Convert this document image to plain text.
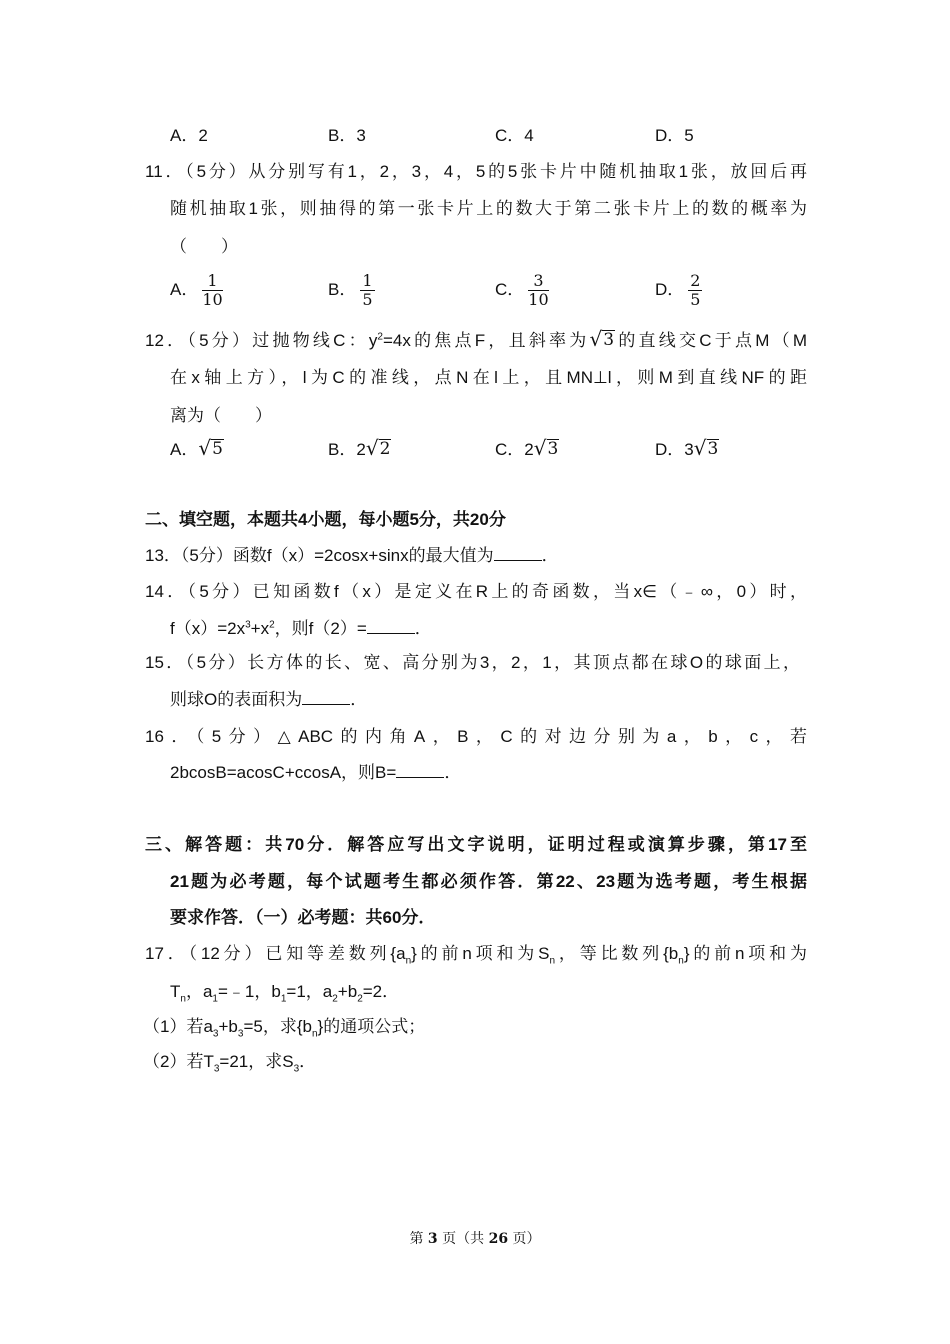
A．2	B．3	C．4	D．5
11．（5分）从分别写有1，2，3，4，5的5张卡片中随机抽取1张，放回后再
随机抽取1张，则抽得的第一张卡片上的数大于第二张卡片上的数的概率为
（　　）
A． $\frac{1}{10}$	B． $\frac{1}{5}$	C． $\frac{3}{10}$	D． $\frac{2}{5}$
12．（5分）过抛物线C：$y^2=4x$的焦点F，且斜率为 √ 3 的直线交C于点M（M
在x轴上方），l为C的准线，点N在l上，且MN⊥l，则M到直线NF的距
离为（　　）
A． √ 5	B．2 √ 2	C．2 √ 3	D．3 √ 3
二、填空题，本题共4小题，每小题5分，共20分
13．（5分）函数f（x）=2cosx+sinx的最大值为	．
14．（5分）已知函数f（x）是定义在R上的奇函数，当x∈（﹣∞，0）时，
$f(x)=2x^3+x^2$，则f（2）=	．
15．（5分）长方体的长、宽、高分别为3，2，1，其顶点都在球O的球面上，
则球O的表面积为	．
16．（5分）△ABC的内角A，B，C的对边分别为a，b，c，若
2bcosB=acosC+ccosA，则B=	．
三、解答题：共70分．解答应写出文字说明，证明过程或演算步骤，第17至
21题为必考题，每个试题考生都必须作答．第22、23题为选考题，考生根据
要求作答．（一）必考题：共60分．
17．（12分）已知等差数列$\{a_n\}$的前n项和为$S_n$，等比数列$\{b_n\}$的前n项和为
$T_n$，$a_1=﹣1$，$b_1=1$，$a_2+b_2=2$．
（1）若$a_3+b_3=5$，求$\{b_n\}$的通项公式；
（2）若$T_3=21$，求$S_3$．
第 3 页（共 26 页）
